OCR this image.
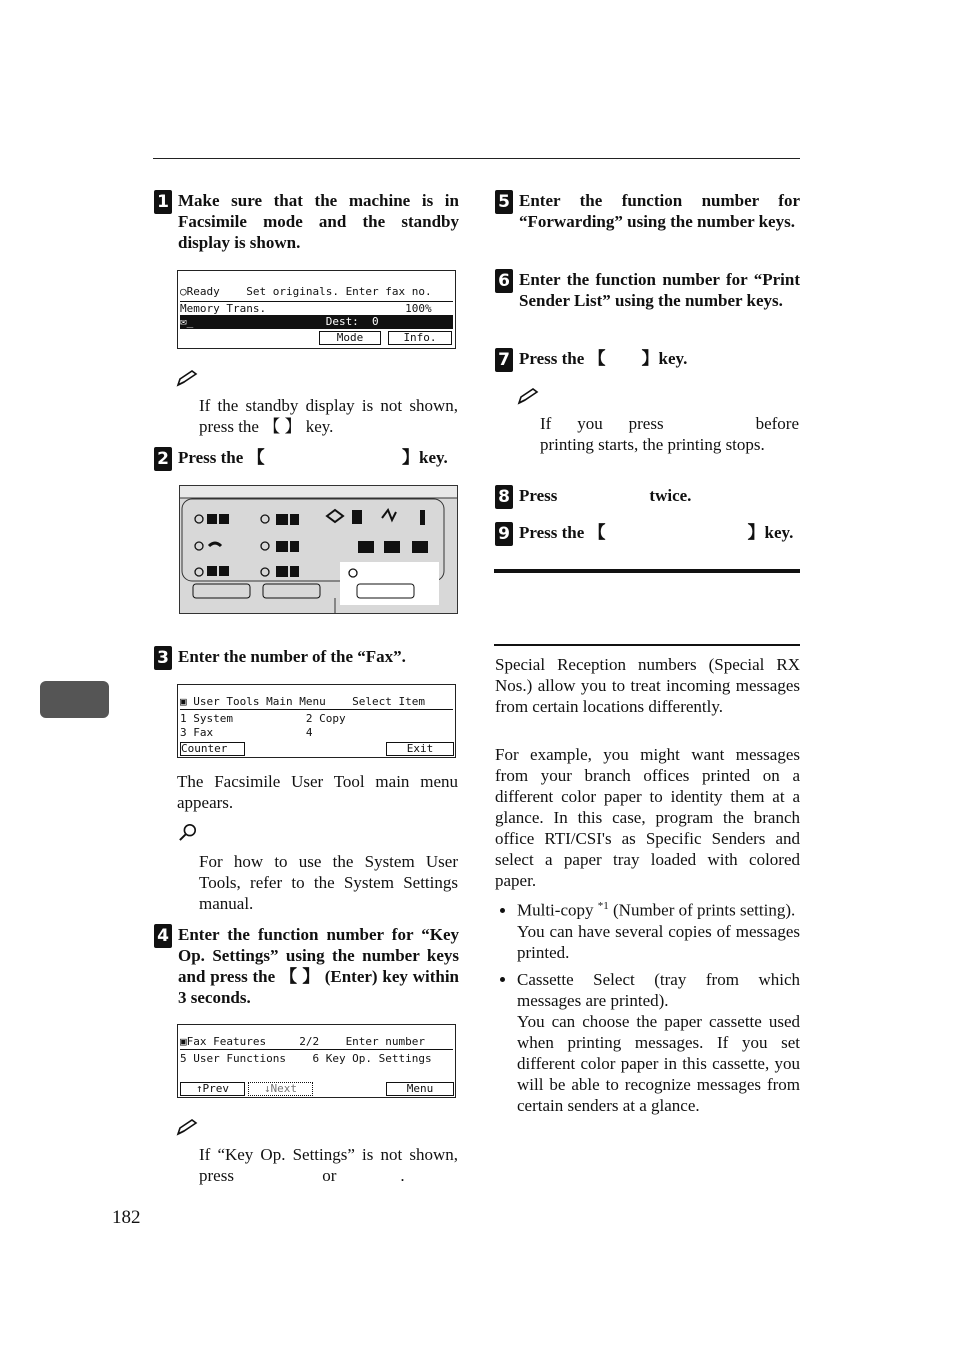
1 Make sure that the machine is in Facsimile mode and the standby display is shown.
○Ready    Set originals. Enter fax no.
Memory Trans.                     100%
✉_                    Dest:  0
Mode	Info.
If the standby display is not shown, press the 【 】 key.
2 Press the 【	】key.
3 Enter the number of the “Fax”.
▣ User Tools Main Menu    Select Item
1 System           2 Copy
3 Fax              4
Counter	Exit
The Facsimile User Tool main menu appears.
For how to use the System User Tools, refer to the System Settings manual.
4 Enter the function number for “Key Op. Settings” using the number keys and press the 【 】 (Enter) key within 3 seconds.
▣Fax Features     2/2    Enter number
5 User Functions    6 Key Op. Settings
↑Prev	↓Next	Menu
If “Key Op. Settings” is not shown, press	or	.
5 Enter the function number for “Forwarding” using the number keys.
6 Enter the function number for “Print Sender List” using the number keys.
7 Press the 【 】key.
If you press	before printing starts, the printing stops.
8 Press	twice.
9 Press the 【	】key.
Special Reception numbers (Special RX Nos.) allow you to treat incoming messages from certain locations differently.
For example, you might want messages from your branch offices printed on a different color paper to identity them at a glance. In this case, program the branch office RTI/CSI's as Specific Senders and select a paper tray loaded with colored paper.
• Multi-copy $^{*1}$ (Number of prints setting).
You can have several copies of messages printed.
• Cassette Select (tray from which messages are printed).
You can choose the paper cassette used when printing messages. If you set different color paper in this cassette, you will be able to recognize messages from certain senders at a glance.
182
